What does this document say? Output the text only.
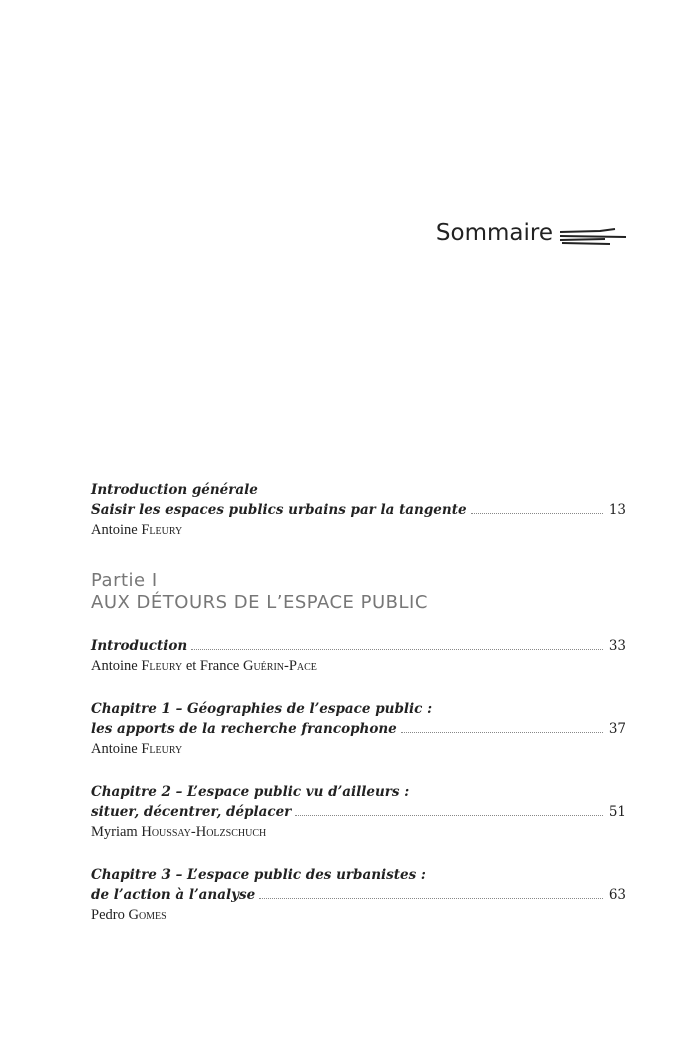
Sommaire
Partie I
AUX DÉTOURS DE L’ESPACE PUBLIC
Introduction générale
Saisir les espaces publics urbains par la tangente	13
Antoine Fleury
Introduction	33
Antoine Fleury et France Guérin-Pace
Chapitre 1 – Géographies de l’espace public :
les apports de la recherche francophone	37
Antoine Fleury
Chapitre 2 – L’espace public vu d’ailleurs :
situer, décentrer, déplacer	51
Myriam Houssay-Holzschuch
Chapitre 3 – L’espace public des urbanistes :
de l’action à l’analyse	63
Pedro Gomes
